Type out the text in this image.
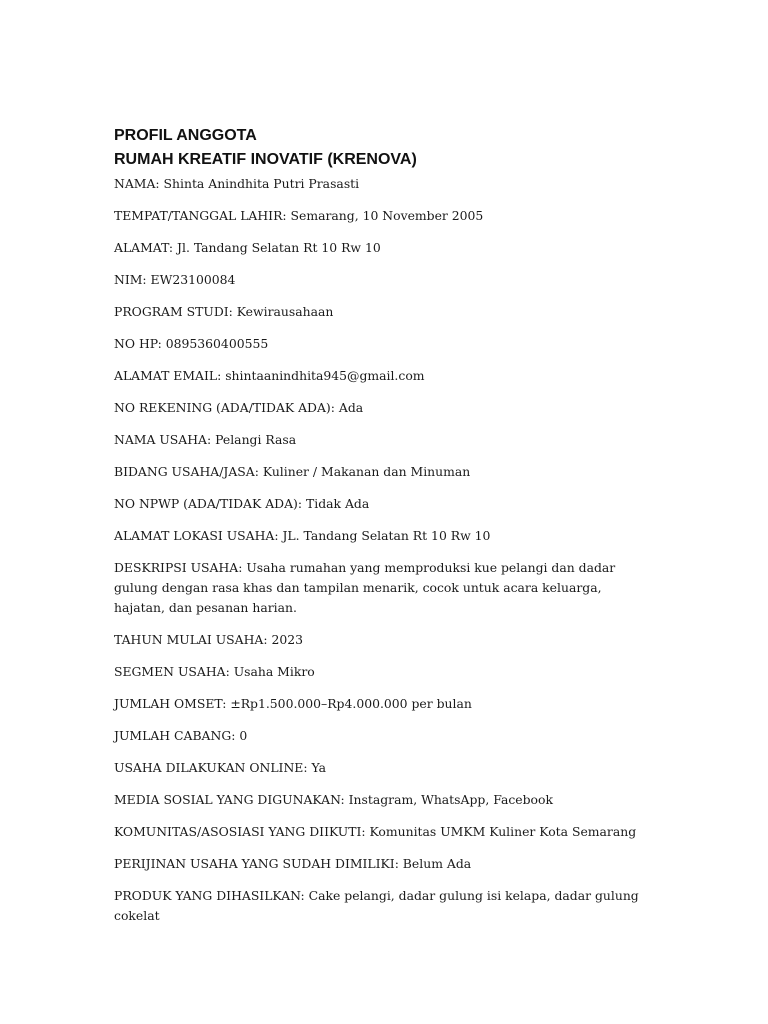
PROFIL ANGGOTA
RUMAH KREATIF INOVATIF (KRENOVA)

NAMA: Shinta Anindhita Putri Prasasti

TEMPAT/TANGGAL LAHIR: Semarang, 10 November 2005

ALAMAT: Jl. Tandang Selatan Rt 10 Rw 10

NIM: EW23100084

PROGRAM STUDI: Kewirausahaan

NO HP: 0895360400555

ALAMAT EMAIL: shintaanindhita945@gmail.com

NO REKENING (ADA/TIDAK ADA): Ada

NAMA USAHA: Pelangi Rasa

BIDANG USAHA/JASA: Kuliner / Makanan dan Minuman

NO NPWP (ADA/TIDAK ADA): Tidak Ada

ALAMAT LOKASI USAHA: JL. Tandang Selatan Rt 10 Rw 10

DESKRIPSI USAHA: Usaha rumahan yang memproduksi kue pelangi dan dadar gulung dengan rasa khas dan tampilan menarik, cocok untuk acara keluarga, hajatan, dan pesanan harian.

TAHUN MULAI USAHA: 2023

SEGMEN USAHA: Usaha Mikro

JUMLAH OMSET: ±Rp1.500.000–Rp4.000.000 per bulan

JUMLAH CABANG: 0

USAHA DILAKUKAN ONLINE: Ya

MEDIA SOSIAL YANG DIGUNAKAN: Instagram, WhatsApp, Facebook

KOMUNITAS/ASOSIASI YANG DIIKUTI: Komunitas UMKM Kuliner Kota Semarang

PERIJINAN USAHA YANG SUDAH DIMILIKI: Belum Ada

PRODUK YANG DIHASILKAN: Cake pelangi, dadar gulung isi kelapa, dadar gulung cokelat
